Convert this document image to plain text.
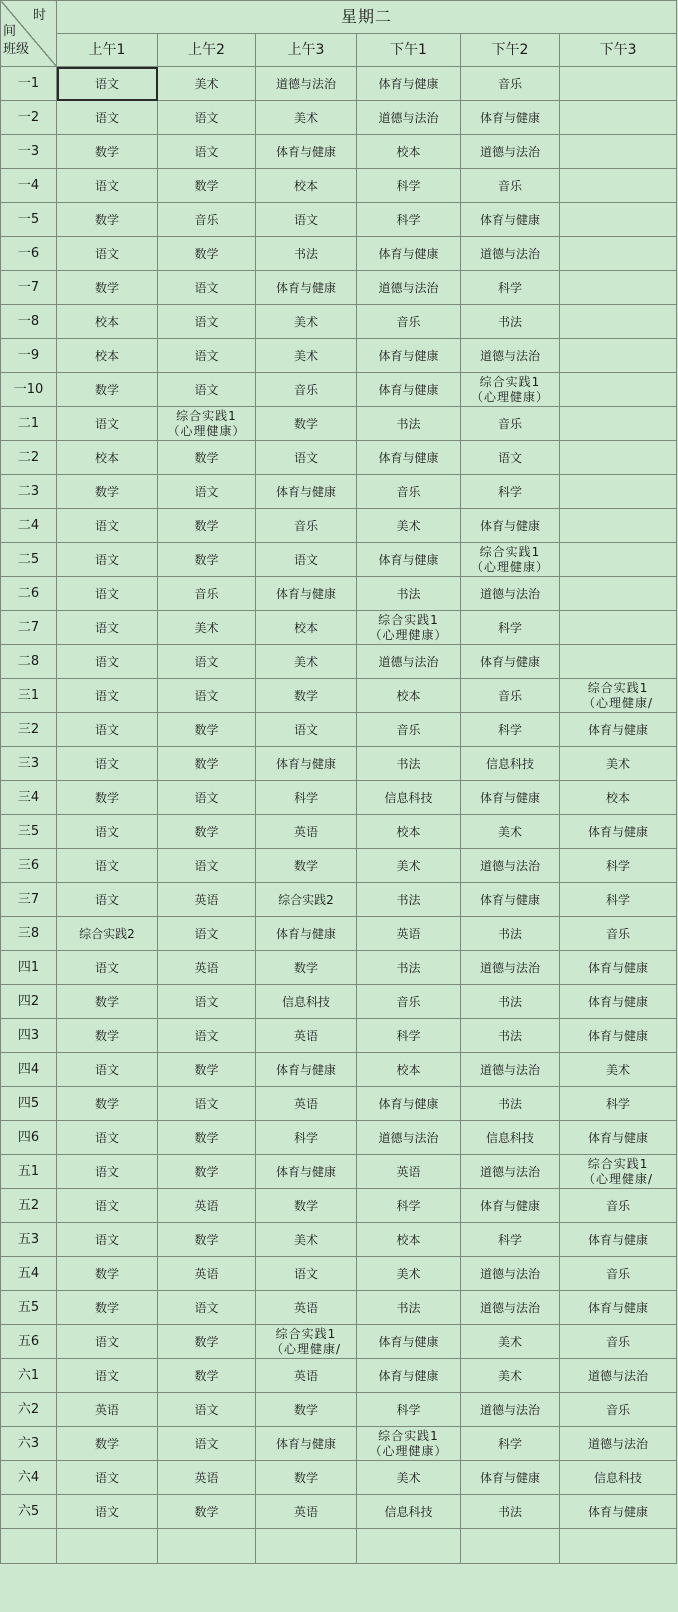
时
间
班级	星期二					
	上午1	上午2	上午3	下午1	下午2	下午3
一1	语文	美术	道德与法治	体育与健康	音乐	
一2	语文	语文	美术	道德与法治	体育与健康	
一3	数学	语文	体育与健康	校本	道德与法治	
一4	语文	数学	校本	科学	音乐	
一5	数学	音乐	语文	科学	体育与健康	
一6	语文	数学	书法	体育与健康	道德与法治	
一7	数学	语文	体育与健康	道德与法治	科学	
一8	校本	语文	美术	音乐	书法	
一9	校本	语文	美术	体育与健康	道德与法治	
一10	数学	语文	音乐	体育与健康	综合实践1
（心理健康）	

二1	语文	综合实践1
（心理健康）	数学	书法	音乐	
二2	校本	数学	语文	体育与健康	语文	
二3	数学	语文	体育与健康	音乐	科学	
二4	语文	数学	音乐	美术	体育与健康	
二5	语文	数学	语文	体育与健康	综合实践1
（心理健康）	

二6	语文	音乐	体育与健康	书法	道德与法治	
二7	语文	美术	校本	综合实践1
（心理健康）	科学	
二8	语文	语文	美术	道德与法治	体育与健康	
三1	语文	语文	数学	校本	音乐	综合实践1
（心理健康/

三2	语文	数学	语文	音乐	科学	体育与健康
三3	语文	数学	体育与健康	书法	信息科技	美术
三4	数学	语文	科学	信息科技	体育与健康	校本
三5	语文	数学	英语	校本	美术	体育与健康
三6	语文	语文	数学	美术	道德与法治	科学
三7	语文	英语	综合实践2	书法	体育与健康	科学
三8	综合实践2	语文	体育与健康	英语	书法	音乐
四1	语文	英语	数学	书法	道德与法治	体育与健康
四2	数学	语文	信息科技	音乐	书法	体育与健康
四3	数学	语文	英语	科学	书法	体育与健康
四4	语文	数学	体育与健康	校本	道德与法治	美术
四5	数学	语文	英语	体育与健康	书法	科学
四6	语文	数学	科学	道德与法治	信息科技	体育与健康
五1	语文	数学	体育与健康	英语	道德与法治	综合实践1
（心理健康/

五2	语文	英语	数学	科学	体育与健康	音乐
五3	语文	数学	美术	校本	科学	体育与健康
五4	数学	英语	语文	美术	道德与法治	音乐
五5	数学	语文	英语	书法	道德与法治	体育与健康
五6	语文	数学	综合实践1
（心理健康/	体育与健康	美术	音乐
六1	语文	数学	英语	体育与健康	美术	道德与法治
六2	英语	语文	数学	科学	道德与法治	音乐
六3	数学	语文	体育与健康	综合实践1
（心理健康）	科学	道德与法治
六4	语文	英语	数学	美术	体育与健康	信息科技
六5	语文	数学	英语	信息科技	书法	体育与健康
